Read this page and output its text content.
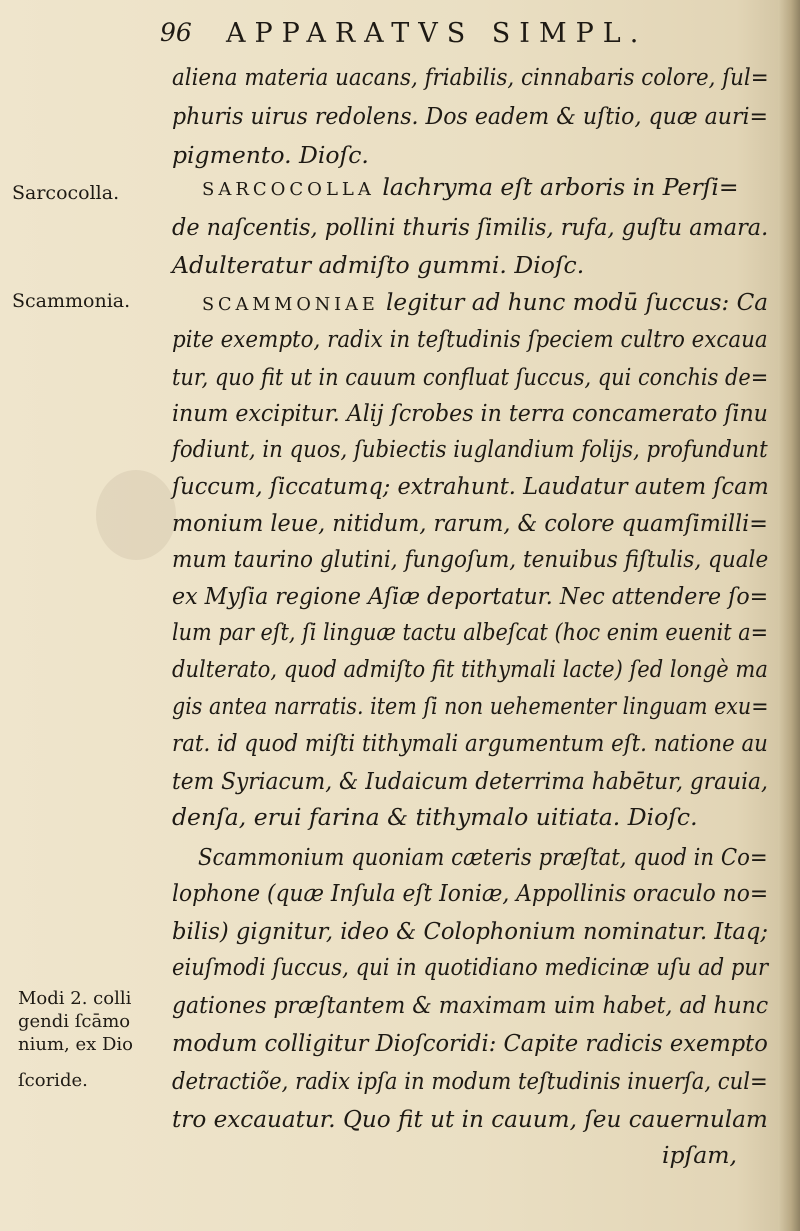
96 APPARATVS SIMPL.
Sarcocolla.
Scammonia.
Modi 2. colli
gendi ſcāmo
nium, ex Dio
ſcoride.
aliena materia uacans, friabilis, cinnabaris colore, ſul=
phuris uirus redolens. Dos eadem & uſtio, quæ auri=
pigmento. Dioſc.
SARCOCOLLA lachryma eſt arboris in Perſi=
de naſcentis, pollini thuris ſimilis, rufa, guſtu amara.
Adulteratur admiſto gummi. Dioſc.
SCAMMONIAE legitur ad hunc modū ſuccus: Ca
pite exempto, radix in teſtudinis ſpeciem cultro excaua
tur, quo fit ut in cauum confluat ſuccus, qui conchis de=
inum excipitur. Alij ſcrobes in terra concamerato ſinu
fodiunt, in quos, ſubiectis iuglandium folijs, profundunt
ſuccum, ſiccatumq; extrahunt. Laudatur autem ſcam
monium leue, nitidum, rarum, & colore quamſimilli=
mum taurino glutini, fungoſum, tenuibus fiſtulis, quale
ex Myſia regione Aſiæ deportatur. Nec attendere ſo=
lum par eſt, ſi linguæ tactu albeſcat (hoc enim euenit a=
dulterato, quod admiſto fit tithymali lacte) ſed longè ma
gis antea narratis. item ſi non uehementer linguam exu=
rat. id quod miſti tithymali argumentum eſt. natione au
tem Syriacum, & Iudaicum deterrima habētur, grauia,
denſa, erui farina & tithymalo uitiata. Dioſc.
Scammonium quoniam cæteris præſtat, quod in Co=
lophone (quæ Inſula eſt Ioniæ, Appollinis oraculo no=
bilis) gignitur, ideo & Colophonium nominatur. Itaq;
eiuſmodi ſuccus, qui in quotidiano medicinæ uſu ad pur
gationes præſtantem & maximam uim habet, ad hunc
modum colligitur Dioſcoridi: Capite radicis exempto
detractiõe, radix ipſa in modum teſtudinis inuerſa, cul=
tro excauatur. Quo fit ut in cauum, ſeu cauernulam
ipſam,
